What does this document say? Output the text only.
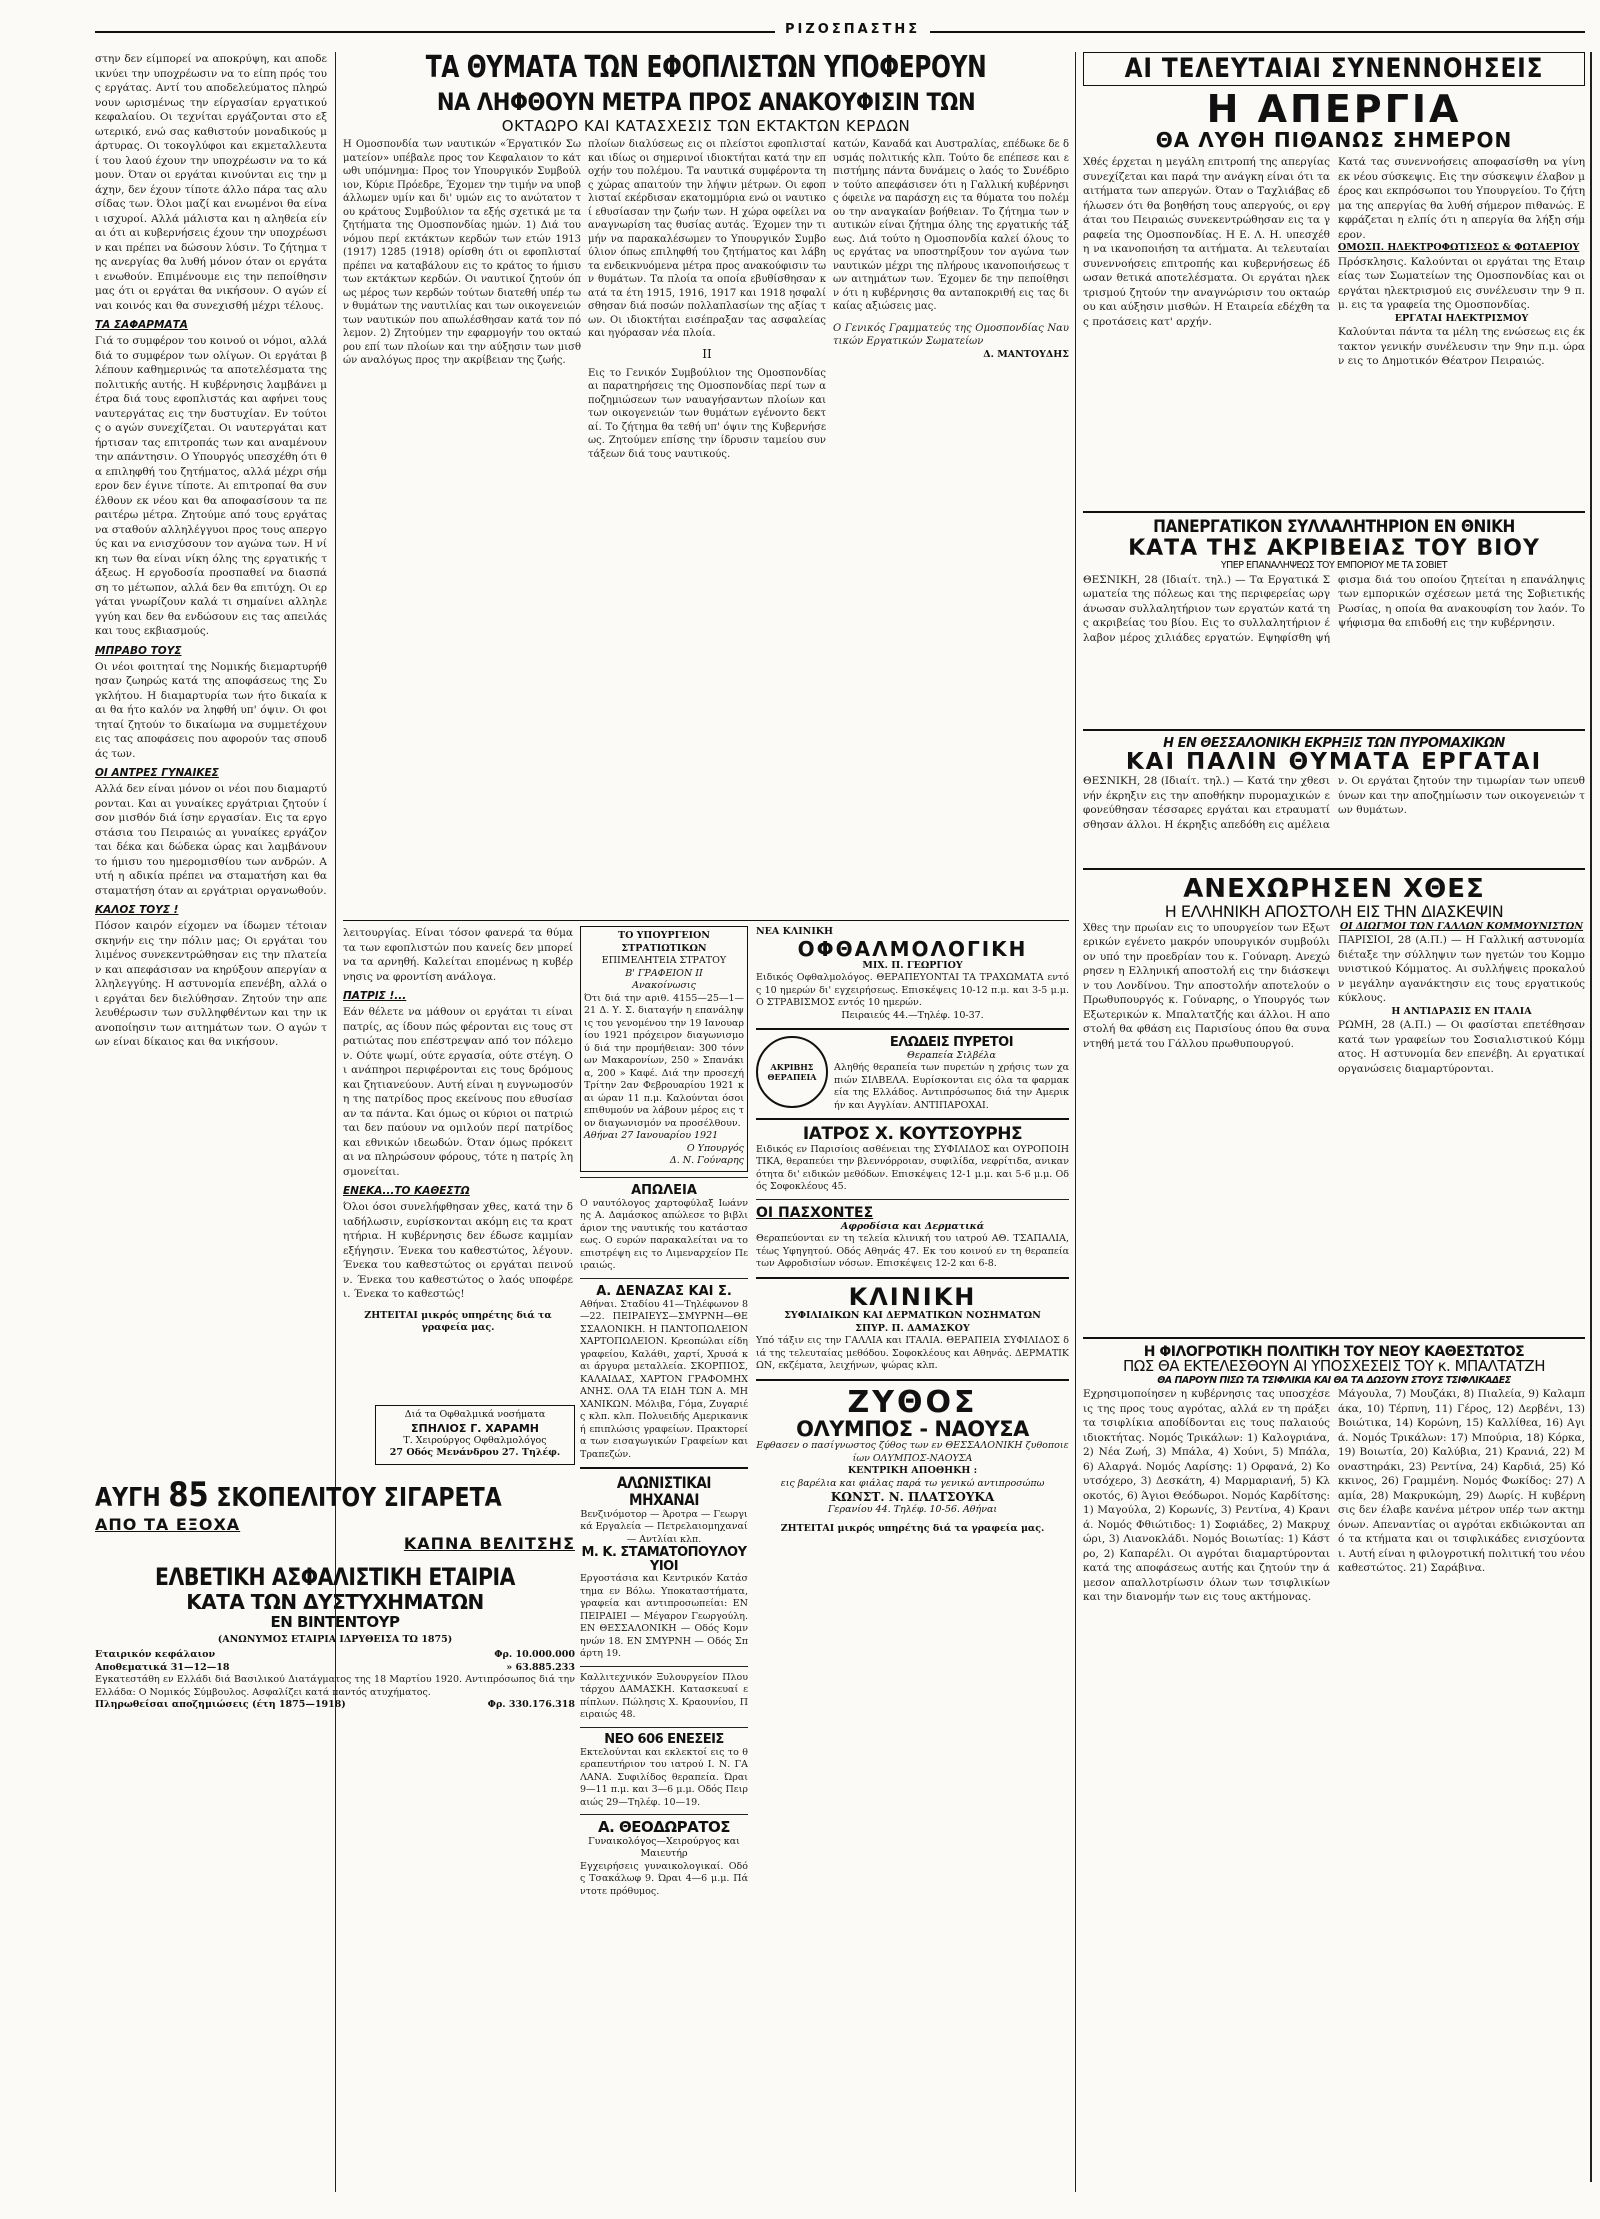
ΡΙΖΟΣΠΑΣΤΗΣ

στην δεν είμπορεί να αποκρύψη, και αποδεικνύει την υποχρέωσιν να το είπη πρός τους εργάτας. Αντί του αποδελεύματος πληρώνουν ωρισμένως την είργασίαν εργατικού κεφαλαίου. Οι τεχνίται εργάζονται στο εξωτερικό, ενώ σας καθιστούν μοναδικούς μάρτυρας. Οι τοκογλύφοι και εκμεταλλευταί του λαού έχουν την υποχρέωσιν να το κάμουν. Όταν οι εργάται κινούνται εις την μάχην, δεν έχουν τίποτε άλλο πάρα τας αλυσίδας των. Όλοι μαζί και ενωμένοι θα είναι ισχυροί. Αλλά μάλιστα και η αληθεία είναι ότι αι κυβερνήσεις έχουν την υποχρέωσιν και πρέπει να δώσουν λύσιν. Το ζήτημα της ανεργίας θα λυθή μόνον όταν οι εργάται ενωθούν. Επιμένουμε εις την πεποίθησιν μας ότι οι εργάται θα νικήσουν. Ο αγών είναι κοινός και θα συνεχισθή μέχρι τέλους.

ΤΑ ΣΑΦΑΡΜΑΤΑ

Γιά το συμφέρον του κοινού οι νόμοι, αλλά διά το συμφέρον των ολίγων. Οι εργάται βλέπουν καθημερινώς τα αποτελέσματα της πολιτικής αυτής. Η κυβέρνησις λαμβάνει μέτρα διά τους εφοπλιστάς και αφήνει τους ναυτεργάτας εις την δυστυχίαν. Εν τούτοις ο αγών συνεχίζεται. Οι ναυτεργάται κατήρτισαν τας επιτροπάς των και αναμένουν την απάντησιν. Ο Υπουργός υπεσχέθη ότι θα επιληφθή του ζητήματος, αλλά μέχρι σήμερον δεν έγινε τίποτε. Αι επιτροπαί θα συνέλθουν εκ νέου και θα αποφασίσουν τα περαιτέρω μέτρα. Ζητούμε από τους εργάτας να σταθούν αλληλέγγυοι προς τους απεργούς και να ενισχύσουν τον αγώνα των. Η νίκη των θα είναι νίκη όλης της εργατικής τάξεως. Η εργοδοσία προσπαθεί να διασπάση το μέτωπον, αλλά δεν θα επιτύχη. Οι εργάται γνωρίζουν καλά τι σημαίνει αλληλεγγύη και δεν θα ενδώσουν εις τας απειλάς και τους εκβιασμούς.

ΜΠΡΑΒΟ ΤΟΥΣ

Οι νέοι φοιτηταί της Νομικής διεμαρτυρήθησαν ζωηρώς κατά της αποφάσεως της Συγκλήτου. Η διαμαρτυρία των ήτο δικαία και θα ήτο καλόν να ληφθή υπ' όψιν. Οι φοιτηταί ζητούν το δικαίωμα να συμμετέχουν εις τας αποφάσεις που αφορούν τας σπουδάς των.

ΟΙ ΑΝΤΡΕΣ ΓΥΝΑΙΚΕΣ

Αλλά δεν είναι μόνον οι νέοι που διαμαρτύρονται. Και αι γυναίκες εργάτριαι ζητούν ίσον μισθόν διά ίσην εργασίαν. Εις τα εργοστάσια του Πειραιώς αι γυναίκες εργάζονται δέκα και δώδεκα ώρας και λαμβάνουν το ήμισυ του ημερομισθίου των ανδρών. Αυτή η αδικία πρέπει να σταματήση και θα σταματήση όταν αι εργάτριαι οργανωθούν.

ΚΑΛΟΣ ΤΟΥΣ !

Πόσον καιρόν είχομεν να ίδωμεν τέτοιαν σκηνήν εις την πόλιν μας; Οι εργάται του λιμένος συνεκεντρώθησαν εις την πλατείαν και απεφάσισαν να κηρύξουν απεργίαν αλληλεγγύης. Η αστυνομία επενέβη, αλλά οι εργάται δεν διελύθησαν. Ζητούν την απελευθέρωσιν των συλληφθέντων και την ικανοποίησιν των αιτημάτων των. Ο αγών των είναι δίκαιος και θα νικήσουν.

ΤΑ ΘΥΜΑΤΑ ΤΩΝ ΕΦΟΠΛΙΣΤΩΝ ΥΠΟΦΕΡΟΥΝ
ΝΑ ΛΗΦΘΟΥΝ ΜΕΤΡΑ ΠΡΟΣ ΑΝΑΚΟΥΦΙΣΙΝ ΤΩΝ
ΟΚΤΑΩΡΟ ΚΑΙ ΚΑΤΑΣΧΕΣΙΣ ΤΩΝ ΕΚΤΑΚΤΩΝ ΚΕΡΔΩΝ

Η Ομοσπονδία των ναυτικών «Έργατικόν Σωματείον» υπέβαλε προς τον Κεφαλαιον το κάτωθι υπόμνημα: Προς τον Υπουργικόν Συμβούλιον, Κύριε Πρόεδρε, Έχομεν την τιμήν να υποβάλλωμεν υμίν και δι' υμών εις το ανώτατον του κράτους Συμβούλιον τα εξής σχετικά με τα ζητήματα της Ομοσπονδίας ημών. 1) Διά του νόμου περί εκτάκτων κερδών των ετών 1913 (1917) 1285 (1918) ορίσθη ότι οι εφοπλισταί πρέπει να καταβάλουν εις το κράτος το ήμισυ των εκτάκτων κερδών. Οι ναυτικοί ζητούν όπως μέρος των κερδών τούτων διατεθή υπέρ των θυμάτων της ναυτιλίας και των οικογενειών των ναυτικών που απωλέσθησαν κατά τον πόλεμον. 2) Ζητούμεν την εφαρμογήν του οκταώρου επί των πλοίων και την αύξησιν των μισθών αναλόγως προς την ακρίβειαν της ζωής.

πλοίων διαλύσεως εις οι πλείστοι εφοπλισταί και ιδίως οι σημερινοί ιδιοκτήται κατά την εποχήν του πολέμου. Τα ναυτικά συμφέροντα της χώρας απαιτούν την λήψιν μέτρων. Οι εφοπλισταί εκέρδισαν εκατομμύρια ενώ οι ναυτικοί εθυσίασαν την ζωήν των. Η χώρα οφείλει να αναγνωρίση τας θυσίας αυτάς. Έχομεν την τιμήν να παρακαλέσωμεν το Υπουργικόν Συμβούλιον όπως επιληφθή του ζητήματος και λάβη τα ενδεικνυόμενα μέτρα προς ανακούφισιν των θυμάτων. Τα πλοία τα οποία εβυθίσθησαν κατά τα έτη 1915, 1916, 1917 και 1918 ησφαλίσθησαν διά ποσών πολλαπλασίων της αξίας των. Οι ιδιοκτήται εισέπραξαν τας ασφαλείας και ηγόρασαν νέα πλοία.

ΙΙ

Εις το Γενικόν Συμβούλιον της Ομοσπονδίας αι παρατηρήσεις της Ομοσπονδίας περί των αποζημιώσεων των ναυαγήσαντων πλοίων και των οικογενειών των θυμάτων εγένοντο δεκταί. Το ζήτημα θα τεθή υπ' όψιν της Κυβερνήσεως. Ζητούμεν επίσης την ίδρυσιν ταμείου συντάξεων διά τους ναυτικούς.

κατών, Καναδά και Αυστραλίας, επέδωκε δε δυσμάς πολιτικής κλπ. Τούτο δε επέπεσε και επιστήμης πάντα δυνάμεις ο λαός το Συνέδριον τούτο απεφάσισεν ότι η Γαλλική κυβέρνησις όφειλε να παράσχη εις τα θύματα του πολέμου την αναγκαίαν βοήθειαν. Το ζήτημα των ναυτικών είναι ζήτημα όλης της εργατικής τάξεως. Διά τούτο η Ομοσπονδία καλεί όλους τους εργάτας να υποστηρίξουν τον αγώνα των ναυτικών μέχρι της πλήρους ικανοποιήσεως των αιτημάτων των. Έχομεν δε την πεποίθησιν ότι η κυβέρνησις θα ανταποκριθή εις τας δικαίας αξιώσεις μας.

Ο Γενικός Γραμματεύς της Ομοσπονδίας Ναυτικών Εργατικών Σωματείων

Δ. ΜΑΝΤΟΥΔΗΣ

λειτουργίας. Είναι τόσον φανερά τα θύματα των εφοπλιστών που κανείς δεν μπορεί να τα αρνηθή. Καλείται επομένως η κυβέρνησις να φροντίση ανάλογα.

ΠΑΤΡΙΣ !...

Εάν θέλετε να μάθουν οι εργάται τι είναι πατρίς, ας ίδουν πώς φέρονται εις τους στρατιώτας που επέστρεψαν από τον πόλεμον. Ούτε ψωμί, ούτε εργασία, ούτε στέγη. Οι ανάπηροι περιφέρονται εις τους δρόμους και ζητιανεύουν. Αυτή είναι η ευγνωμοσύνη της πατρίδος προς εκείνους που εθυσίασαν τα πάντα. Και όμως οι κύριοι οι πατριώται δεν παύουν να ομιλούν περί πατρίδος και εθνικών ιδεωδών. Όταν όμως πρόκειται να πληρώσουν φόρους, τότε η πατρίς λησμονείται.

ΕΝΕΚΑ...ΤΟ ΚΑΘΕΣΤΩ

Όλοι όσοι συνελήφθησαν χθες, κατά την διαδήλωσιν, ευρίσκονται ακόμη εις τα κρατητήρια. Η κυβέρνησις δεν έδωσε καμμίαν εξήγησιν. Ένεκα του καθεστώτος, λέγουν. Ένεκα του καθεστώτος οι εργάται πεινούν. Ένεκα του καθεστώτος ο λαός υποφέρει. Ένεκα το καθεστώς!

ΖΗΤΕΙΤΑΙ μικρός υπηρέτης διά τα γραφεία μας.
Διά τα Οφθαλμικά νοσήματα
ΣΠΗΛΙΟΣ Γ. ΧΑΡΑΜΗ
Τ. Χειρούργος Οφθαλμολόγος
27 Οδός Μενάνδρου 27. Τηλέφ.
ΑΥΓΗ 85 ΣΚΟΠΕΛΙΤΟΥ ΣΙΓΑΡΕΤΑ
ΑΠΟ ΤΑ ΕΞΟΧΑ
ΚΑΠΝΑ ΒΕΛΙΤΣΗΣ
ΕΛΒΕΤΙΚΗ ΑΣΦΑΛΙΣΤΙΚΗ ΕΤΑΙΡΙΑ
ΚΑΤΑ ΤΩΝ ΔΥΣΤΥΧΗΜΑΤΩΝ
ΕΝ ΒΙΝΤΕΝΤΟΥΡ
(ΑΝΩΝΥΜΟΣ ΕΤΑΙΡΙΑ ΙΔΡΥΘΕΙΣΑ ΤΩ 1875)
Εταιρικόν κεφάλαιον	Φρ. 10.000.000
Αποθεματικά 31—12—18	» 63.885.233

Εγκατεστάθη εν Ελλάδι διά Βασιλικού Διατάγματος της 18 Μαρτίου 1920. Αντιπρόσωπος διά την Ελλάδα: Ο Νομικός Σύμβουλος. Ασφαλίζει κατά παντός ατυχήματος.

Πληρωθείσαι αποζημιώσεις (έτη 1875—1918)	Φρ. 330.176.318
ΤΟ ΥΠΟΥΡΓΕΙΟΝ ΣΤΡΑΤΙΩΤΙΚΩΝ
ΕΠΙΜΕΛΗΤΕΙΑ ΣΤΡΑΤΟΥ
Β' ΓΡΑΦΕΙΟΝ ΙΙ
Ανακοίνωσις

Ότι διά την αριθ. 4155—25—1—21 Δ. Υ. Σ. διαταγήν η επανάληψις του γενομένου την 19 Ιανουαρίου 1921 πρόχειρον διαγωνισμού διά την προμήθειαν: 300 τόννων Μακαρονίων, 250 » Σπανάκια, 200 » Καφέ. Διά την προσεχή Τρίτην 2αν Φεβρουαρίου 1921 και ώραν 11 π.μ. Καλούνται όσοι επιθυμούν να λάβουν μέρος εις τον διαγωνισμόν να προσέλθουν.

Αθήναι 27 Ιανουαρίου 1921
Ο Υπουργός
Δ. Ν. Γούναρης
ΑΠΩΛΕΙΑ

Ο ναυτόλογος χαρτοφύλαξ Ιωάννης Α. Δαμάσκος απώλεσε το βιβλιάριον της ναυτικής του κατάστασεως. Ο ευρών παρακαλείται να το επιστρέψη εις το Λιμεναρχείον Πειραιώς.

Α. ΔΕΝΑΖΑΣ ΚΑΙ Σ.

Αθήναι. Σταδίου 41—Τηλέφωνον 8—22. ΠΕΙΡΑΙΕΥΣ—ΣΜΥΡΝΗ—ΘΕΣΣΑΛΟΝΙΚΗ. Η ΠΑΝΤΟΠΩΛΕΙΟΝ ΧΑΡΤΟΠΩΛΕΙΟΝ. Κρεοπώλαι είδη γραφείου, Καλάθι, χαρτί, Χρυσά και άργυρα μεταλλεία. ΣΚΟΡΠΙΟΣ, ΚΑΛΑΙΔΑΣ, ΧΑΡΤΟΝ ΓΡΑΦΟΜΗΧΑΝΗΣ. ΟΛΑ ΤΑ ΕΙΔΗ ΤΩΝ Α. ΜΗΧΑΝΙΚΩΝ. Μόλιβα, Γόμα, Ζυγαριές κλπ. κλπ. Πολυειδής Αμερικανική επιπλώσις γραφείων. Πρακτορεία των εισαγωγικών Γραφείων και Τραπεζών.

ΑΛΩΝΙΣΤΙΚΑΙ ΜΗΧΑΝΑΙ

Βενζινόμοτορ — Άροτρα — Γεωργικά Εργαλεία — Πετρελαιομηχαναί — Αντλίαι κλπ.

Μ. Κ. ΣΤΑΜΑΤΟΠΟΥΛΟΥ ΥΙΟΙ

Εργοστάσια και Κεντρικόν Κατάστημα εν Βόλω. Υποκαταστήματα, γραφεία και αντιπροσωπείαι: ΕΝ ΠΕΙΡΑΙΕΙ — Μέγαρον Γεωργούλη. ΕΝ ΘΕΣΣΑΛΟΝΙΚΗ — Οδός Κομνηνών 18. ΕΝ ΣΜΥΡΝΗ — Οδός Σπάρτη 19.

Καλλιτεχνικόν Ξυλουργείον Πλουτάρχου ΔΑΜΑΣΚΗ. Κατασκευαί επίπλων. Πώλησις Χ. Κραουνίου, Πειραιώς 48.

ΝΕΟ 606 ΕΝΕΣΕΙΣ

Εκτελούνται και εκλεκτοί εις το θεραπευτήριον του ιατρού Ι. Ν. ΓΑΛΑΝΑ. Συφιλίδος θεραπεία. Ώραι 9—11 π.μ. και 3—6 μ.μ. Οδός Πειραιώς 29—Τηλέφ. 10—19.

Α. ΘΕΟΔΩΡΑΤΟΣ
Γυναικολόγος—Χειρούργος και Μαιευτήρ

Εγχειρήσεις γυναικολογικαί. Οδός Τσακάλωφ 9. Ώραι 4—6 μ.μ. Πάντοτε πρόθυμος.

ΝΕΑ ΚΛΙΝΙΚΗ
ΟΦΘΑΛΜΟΛΟΓΙΚΗ
ΜΙΧ. Π. ΓΕΩΡΓΙΟΥ

Ειδικός Οφθαλμολόγος. ΘΕΡΑΠΕΥΟΝΤΑΙ ΤΑ ΤΡΑΧΩΜΑΤΑ εντός 10 ημερών δι' εγχειρήσεως. Επισκέψεις 10-12 π.μ. και 3-5 μ.μ. Ο ΣΤΡΑΒΙΣΜΟΣ εντός 10 ημερών.

Πειραιεύς 44.—Τηλέφ. 10-37.
ΑΚΡΙΒΗΣ ΘΕΡΑΠΕΙΑ
ΕΛΩΔΕΙΣ ΠΥΡΕΤΟΙ
Θεραπεία Σιλβέλα

Αληθής θεραπεία των πυρετών η χρήσις των χαπιών ΣΙΛΒΕΛΑ. Ευρίσκονται εις όλα τα φαρμακεία της Ελλάδος. Αντιπρόσωπος διά την Αμερικήν και Αγγλίαν. ΑΝΤΙΠΑΡΟΧΑΙ.

ΙΑΤΡΟΣ Χ. ΚΟΥΤΣΟΥΡΗΣ

Ειδικός εν Παρισίοις ασθένειαι της ΣΥΦΙΛΙΔΟΣ και ΟΥΡΟΠΟΙΗΤΙΚΑ, θεραπεύει την βλεννόρροιαν, συφιλίδα, νεφρίτιδα, ανικανότητα δι' ειδικών μεθόδων. Επισκέψεις 12-1 μ.μ. και 5-6 μ.μ. Οδός Σοφοκλέους 45.

ΟΙ ΠΑΣΧΟΝΤΕΣ
Αφροδίσια και Δερματικά

Θεραπεύονται εν τη τελεία κλινική του ιατρού ΑΘ. ΤΣΑΠΑΛΙΑ, τέως Υφηγητού. Οδός Αθηνάς 47. Εκ του κοινού εν τη θεραπεία των Αφροδισίων νόσων. Επισκέψεις 12-2 και 6-8.

ΚΛΙΝΙΚΗ
ΣΥΦΙΛΙΔΙΚΩΝ ΚΑΙ ΔΕΡΜΑΤΙΚΩΝ ΝΟΣΗΜΑΤΩΝ
ΣΠΥΡ. Π. ΔΑΜΑΣΚΟΥ

Υπό τάξιν εις την ΓΑΛΛΙΑ και ΙΤΑΛΙΑ. ΘΕΡΑΠΕΙΑ ΣΥΦΙΛΙΔΟΣ διά της τελευταίας μεθόδου. Σοφοκλέους και Αθηνάς. ΔΕΡΜΑΤΙΚΩΝ, εκζέματα, λειχήνων, ψώρας κλπ.

ΖΥΘΟΣ
ΟΛΥΜΠΟΣ - ΝΑΟΥΣΑ

Εφθασεν ο πασίγνωστος ζύθος των εν ΘΕΣΣΑΛΟΝΙΚΗ ζυθοποιείων ΟΛΥΜΠΟΣ-ΝΑΟΥΣΑ

ΚΕΝΤΡΙΚΗ ΑΠΟΘΗΚΗ :
εις βαρέλια και φιάλας παρά τω γενικώ αντιπροσώπω
ΚΩΝΣΤ. Ν. ΠΛΑΤΣΟΥΚΑ
Γερανίου 44. Τηλέφ. 10-56. Αθήναι
ΖΗΤΕΙΤΑΙ μικρός υπηρέτης διά τα γραφεία μας.
ΑΙ ΤΕΛΕΥΤΑΙΑΙ ΣΥΝΕΝΝΟΗΣΕΙΣ
Η ΑΠΕΡΓΙΑ
ΘΑ ΛΥΘΗ ΠΙΘΑΝΩΣ ΣΗΜΕΡΟΝ

Χθές έρχεται η μεγάλη επιτροπή της απεργίας συνεχίζεται και παρά την ανάγκη είναι ότι τα αιτήματα των απεργών. Όταν ο Ταχλιάβας εδήλωσεν ότι θα βοηθήση τους απεργούς, οι εργάται του Πειραιώς συνεκεντρώθησαν εις τα γραφεία της Ομοσπονδίας. Η Ε. Λ. Η. υπεσχέθη να ικανοποιήση τα αιτήματα. Αι τελευταίαι συνεννοήσεις επιτροπής και κυβερνήσεως έδωσαν θετικά αποτελέσματα. Οι εργάται ηλεκτρισμού ζητούν την αναγνώρισιν του οκταώρου και αύξησιν μισθών. Η Εταιρεία εδέχθη τας προτάσεις κατ' αρχήν.

Κατά τας συνεννοήσεις αποφασίσθη να γίνη εκ νέου σύσκεψις. Εις την σύσκεψιν έλαβον μέρος και εκπρόσωποι του Υπουργείου. Το ζήτημα της απεργίας θα λυθή σήμερον πιθανώς. Εκφράζεται η ελπίς ότι η απεργία θα λήξη σήμερον.

ΟΜΟΣΠ. ΗΛΕΚΤΡΟΦΩΤΙΣΕΩΣ & ΦΩΤΑΕΡΙΟΥ

Πρόσκλησις. Καλούνται οι εργάται της Εταιρείας των Σωματείων της Ομοσπονδίας και οι εργάται ηλεκτρισμού εις συνέλευσιν την 9 π.μ. εις τα γραφεία της Ομοσπονδίας.

ΕΡΓΑΤΑΙ ΗΛΕΚΤΡΙΣΜΟΥ

Καλούνται πάντα τα μέλη της ενώσεως εις έκτακτον γενικήν συνέλευσιν την 9ην π.μ. ώραν εις το Δημοτικόν Θέατρον Πειραιώς.

ΠΑΝΕΡΓΑΤΙΚΟΝ ΣΥΛΛΑΛΗΤΗΡΙΟΝ ΕΝ ΘΝΙΚΗ
ΚΑΤΑ ΤΗΣ ΑΚΡΙΒΕΙΑΣ ΤΟΥ ΒΙΟΥ
ΥΠΕΡ ΕΠΑΝΑΛΗΨΕΩΣ ΤΟΥ ΕΜΠΟΡΙΟΥ ΜΕ ΤΑ ΣΟΒΙΕΤ

ΘΕΣΝΙΚΗ, 28 (Ιδιαίτ. τηλ.) — Τα Εργατικά Σωματεία της πόλεως και της περιφερείας ωργάνωσαν συλλαλητήριον των εργατών κατά της ακριβείας του βίου. Εις το συλλαλητήριον έλαβον μέρος χιλιάδες εργατών. Εψηφίσθη ψήφισμα διά του οποίου ζητείται η επανάληψις των εμπορικών σχέσεων μετά της Σοβιετικής Ρωσίας, η οποία θα ανακουφίση τον λαόν. Το ψήφισμα θα επιδοθή εις την κυβέρνησιν.

Η ΕΝ ΘΕΣΣΑΛΟΝΙΚΗ ΕΚΡΗΞΙΣ ΤΩΝ ΠΥΡΟΜΑΧΙΚΩΝ
ΚΑΙ ΠΑΛΙΝ ΘΥΜΑΤΑ ΕΡΓΑΤΑΙ

ΘΕΣΝΙΚΗ, 28 (Ιδιαίτ. τηλ.) — Κατά την χθεσινήν έκρηξιν εις την αποθήκην πυρομαχικών εφονεύθησαν τέσσαρες εργάται και ετραυματίσθησαν άλλοι. Η έκρηξις απεδόθη εις αμέλειαν. Οι εργάται ζητούν την τιμωρίαν των υπευθύνων και την αποζημίωσιν των οικογενειών των θυμάτων.

ΑΝΕΧΩΡΗΣΕΝ ΧΘΕΣ
Η ΕΛΛΗΝΙΚΗ ΑΠΟΣΤΟΛΗ ΕΙΣ ΤΗΝ ΔΙΑΣΚΕΨΙΝ

Χθες την πρωίαν εις το υπουργείον των Εξωτερικών εγένετο μακρόν υπουργικόν συμβούλιον υπό την προεδρίαν του κ. Γούναρη. Ανεχώρησεν η Ελληνική αποστολή εις την διάσκεψιν του Λονδίνου. Την αποστολήν αποτελούν ο Πρωθυπουργός κ. Γούναρης, ο Υπουργός των Εξωτερικών κ. Μπαλτατζής και άλλοι. Η αποστολή θα φθάση εις Παρισίους όπου θα συναντηθή μετά του Γάλλου πρωθυπουργού.

ΟΙ ΔΙΩΓΜΟΙ ΤΩΝ ΓΑΛΛΩΝ ΚΟΜΜΟΥΝΙΣΤΩΝ

ΠΑΡΙΣΙΟΙ, 28 (Α.Π.) — Η Γαλλική αστυνομία διέταξε την σύλληψιν των ηγετών του Κομμουνιστικού Κόμματος. Αι συλλήψεις προκαλούν μεγάλην αγανάκτησιν εις τους εργατικούς κύκλους.

Η ΑΝΤΙΔΡΑΣΙΣ ΕΝ ΙΤΑΛΙΑ

ΡΩΜΗ, 28 (Α.Π.) — Οι φασίσται επετέθησαν κατά των γραφείων του Σοσιαλιστικού Κόμματος. Η αστυνομία δεν επενέβη. Αι εργατικαί οργανώσεις διαμαρτύρονται.

Η ΦΙΛΟΓΡΟΤΙΚΗ ΠΟΛΙΤΙΚΗ ΤΟΥ ΝΕΟΥ ΚΑΘΕΣΤΩΤΟΣ
ΠΩΣ ΘΑ ΕΚΤΕΛΕΣΘΟΥΝ ΑΙ ΥΠΟΣΧΕΣΕΙΣ ΤΟΥ κ. ΜΠΑΛΤΑΤΖΗ
ΘΑ ΠΑΡΟΥΝ ΠΙΣΩ ΤΑ ΤΣΙΦΛΙΚΙΑ ΚΑΙ ΘΑ ΤΑ ΔΩΣΟΥΝ ΣΤΟΥΣ ΤΣΙΦΛΙΚΑΔΕΣ

Εχρησιμοποίησεν η κυβέρνησις τας υποσχέσεις της προς τους αγρότας, αλλά εν τη πράξει τα τσιφλίκια αποδίδονται εις τους παλαιούς ιδιοκτήτας. Νομός Τρικάλων: 1) Καλογριάνα, 2) Νέα Ζωή, 3) Μπάλα, 4) Χούνι, 5) Μπάλα, 6) Αλαργά. Νομός Λαρίσης: 1) Ορφανά, 2) Κουτσόχερο, 3) Δεσκάτη, 4) Μαρμαριανή, 5) Κλοκοτός, 6) Άγιοι Θεόδωροι. Νομός Καρδίτσης: 1) Μαγούλα, 2) Κορωνίς, 3) Ρεντίνα, 4) Κρανιά. Νομός Φθιώτιδος: 1) Σοφιάδες, 2) Μακρυχώρι, 3) Λιανοκλάδι. Νομός Βοιωτίας: 1) Κάστρο, 2) Καπαρέλι. Οι αγρόται διαμαρτύρονται κατά της αποφάσεως αυτής και ζητούν την άμεσον απαλλοτρίωσιν όλων των τσιφλικίων και την διανομήν των εις τους ακτήμονας.

Μάγουλα, 7) Μουζάκι, 8) Πιαλεία, 9) Καλαμπάκα, 10) Τέρπνη, 11) Γέρος, 12) Δερβένι, 13) Βοιώτικα, 14) Κορώνη, 15) Καλλίθεα, 16) Αγιά. Νομός Τρικάλων: 17) Μπούρια, 18) Κόρκα, 19) Βοιωτία, 20) Καλύβια, 21) Κρανιά, 22) Μοναστηράκι, 23) Ρεντίνα, 24) Καρδιά, 25) Κόκκινος, 26) Γραμμένη. Νομός Φωκίδος: 27) Λαμία, 28) Μακρυκώμη, 29) Δωρίς. Η κυβέρνησις δεν έλαβε κανένα μέτρον υπέρ των ακτημόνων. Απεναντίας οι αγρόται εκδιώκονται από τα κτήματα και οι τσιφλικάδες ενισχύονται. Αυτή είναι η φιλογροτική πολιτική του νέου καθεστώτος. 21) Σαράβινα.
